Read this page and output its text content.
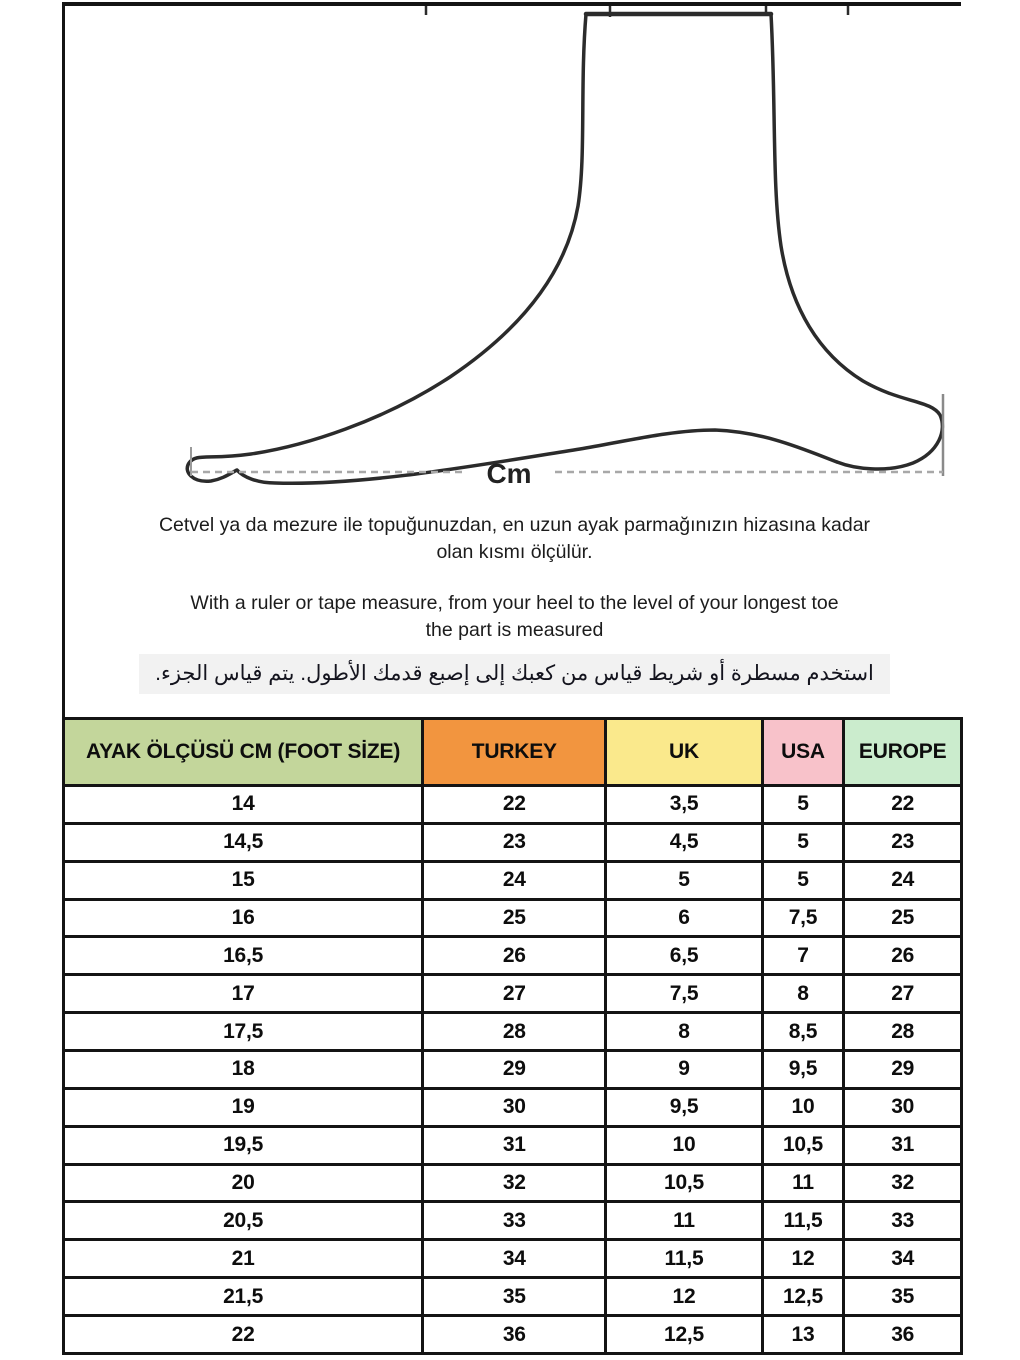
Cm
Cetvel ya da mezure ile topuğunuzdan, en uzun ayak parmağınızın hizasına kadar
olan kısmı ölçülür.
With a ruler or tape measure, from your heel to the level of your longest toe
the part is measured
استخدم مسطرة أو شريط قياس من كعبك إلى إصبع قدمك الأطول. يتم قياس الجزء.
AYAK ÖLÇÜSÜ CM (FOOT SİZE)	TURKEY	UK	USA	EUROPE
14	22	3,5	5	22
14,5	23	4,5	5	23
15	24	5	5	24
16	25	6	7,5	25
16,5	26	6,5	7	26
17	27	7,5	8	27
17,5	28	8	8,5	28
18	29	9	9,5	29
19	30	9,5	10	30
19,5	31	10	10,5	31
20	32	10,5	11	32
20,5	33	11	11,5	33
21	34	11,5	12	34
21,5	35	12	12,5	35
22	36	12,5	13	36
